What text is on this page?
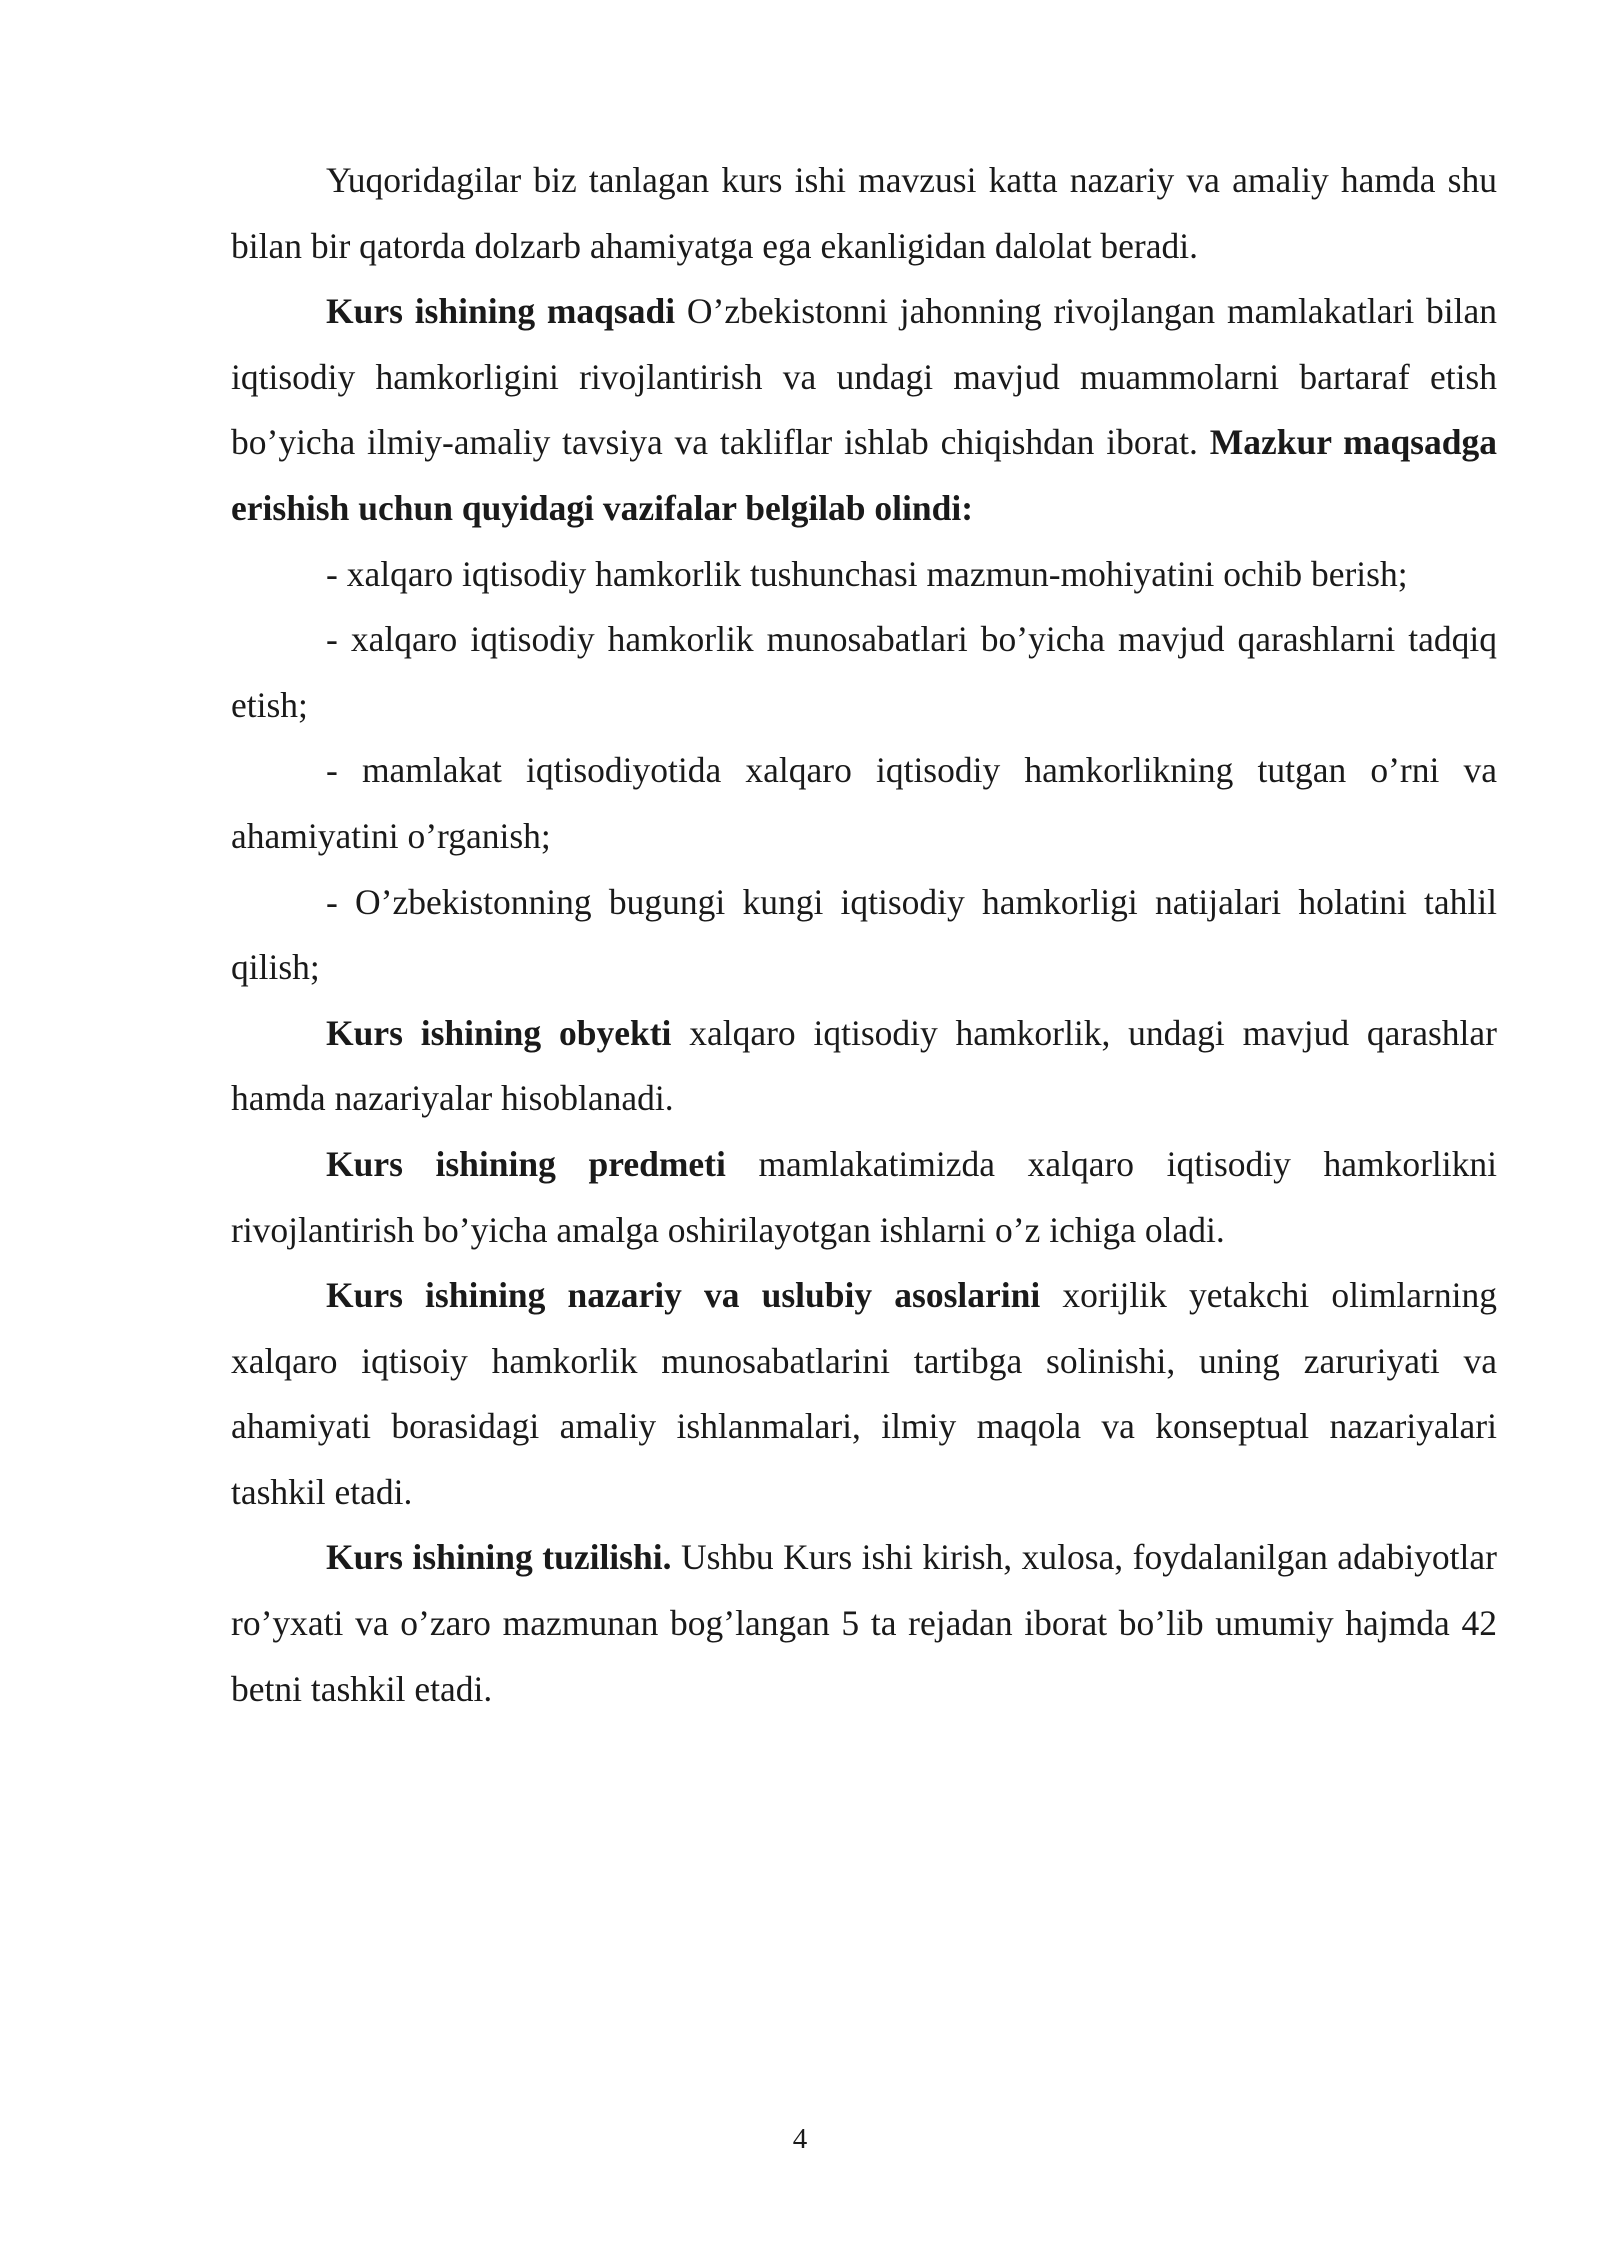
Yuqoridagilar biz tanlagan kurs ishi mavzusi katta nazariy va amaliy hamda shu bilan bir qatorda dolzarb ahamiyatga ega ekanligidan dalolat beradi.

Kurs ishining maqsadi O’zbekistonni jahonning rivojlangan mamlakatlari bilan iqtisodiy hamkorligini rivojlantirish va undagi mavjud muammolarni bartaraf etish bo’yicha ilmiy-amaliy tavsiya va takliflar ishlab chiqishdan iborat. Mazkur maqsadga erishish uchun quyidagi vazifalar belgilab olindi:

- xalqaro iqtisodiy hamkorlik tushunchasi mazmun-mohiyatini ochib berish;

- xalqaro iqtisodiy hamkorlik munosabatlari bo’yicha mavjud qarashlarni tadqiq etish;

- mamlakat iqtisodiyotida xalqaro iqtisodiy hamkorlikning tutgan o’rni va ahamiyatini o’rganish;

- O’zbekistonning bugungi kungi iqtisodiy hamkorligi natijalari holatini tahlil qilish;

Kurs ishining obyekti xalqaro iqtisodiy hamkorlik, undagi mavjud qarashlar hamda nazariyalar hisoblanadi.

Kurs ishining predmeti mamlakatimizda xalqaro iqtisodiy hamkorlikni rivojlantirish bo’yicha amalga oshirilayotgan ishlarni o’z ichiga oladi.

Kurs ishining nazariy va uslubiy asoslarini xorijlik yetakchi olimlarning xalqaro iqtisoiy hamkorlik munosabatlarini tartibga solinishi, uning zaruriyati va ahamiyati borasidagi amaliy ishlanmalari, ilmiy maqola va konseptual nazariyalari tashkil etadi.

Kurs ishining tuzilishi. Ushbu Kurs ishi kirish, xulosa, foydalanilgan adabiyotlar ro’yxati va o’zaro mazmunan bog’langan 5 ta rejadan iborat bo’lib umumiy hajmda 42 betni tashkil etadi.

4
